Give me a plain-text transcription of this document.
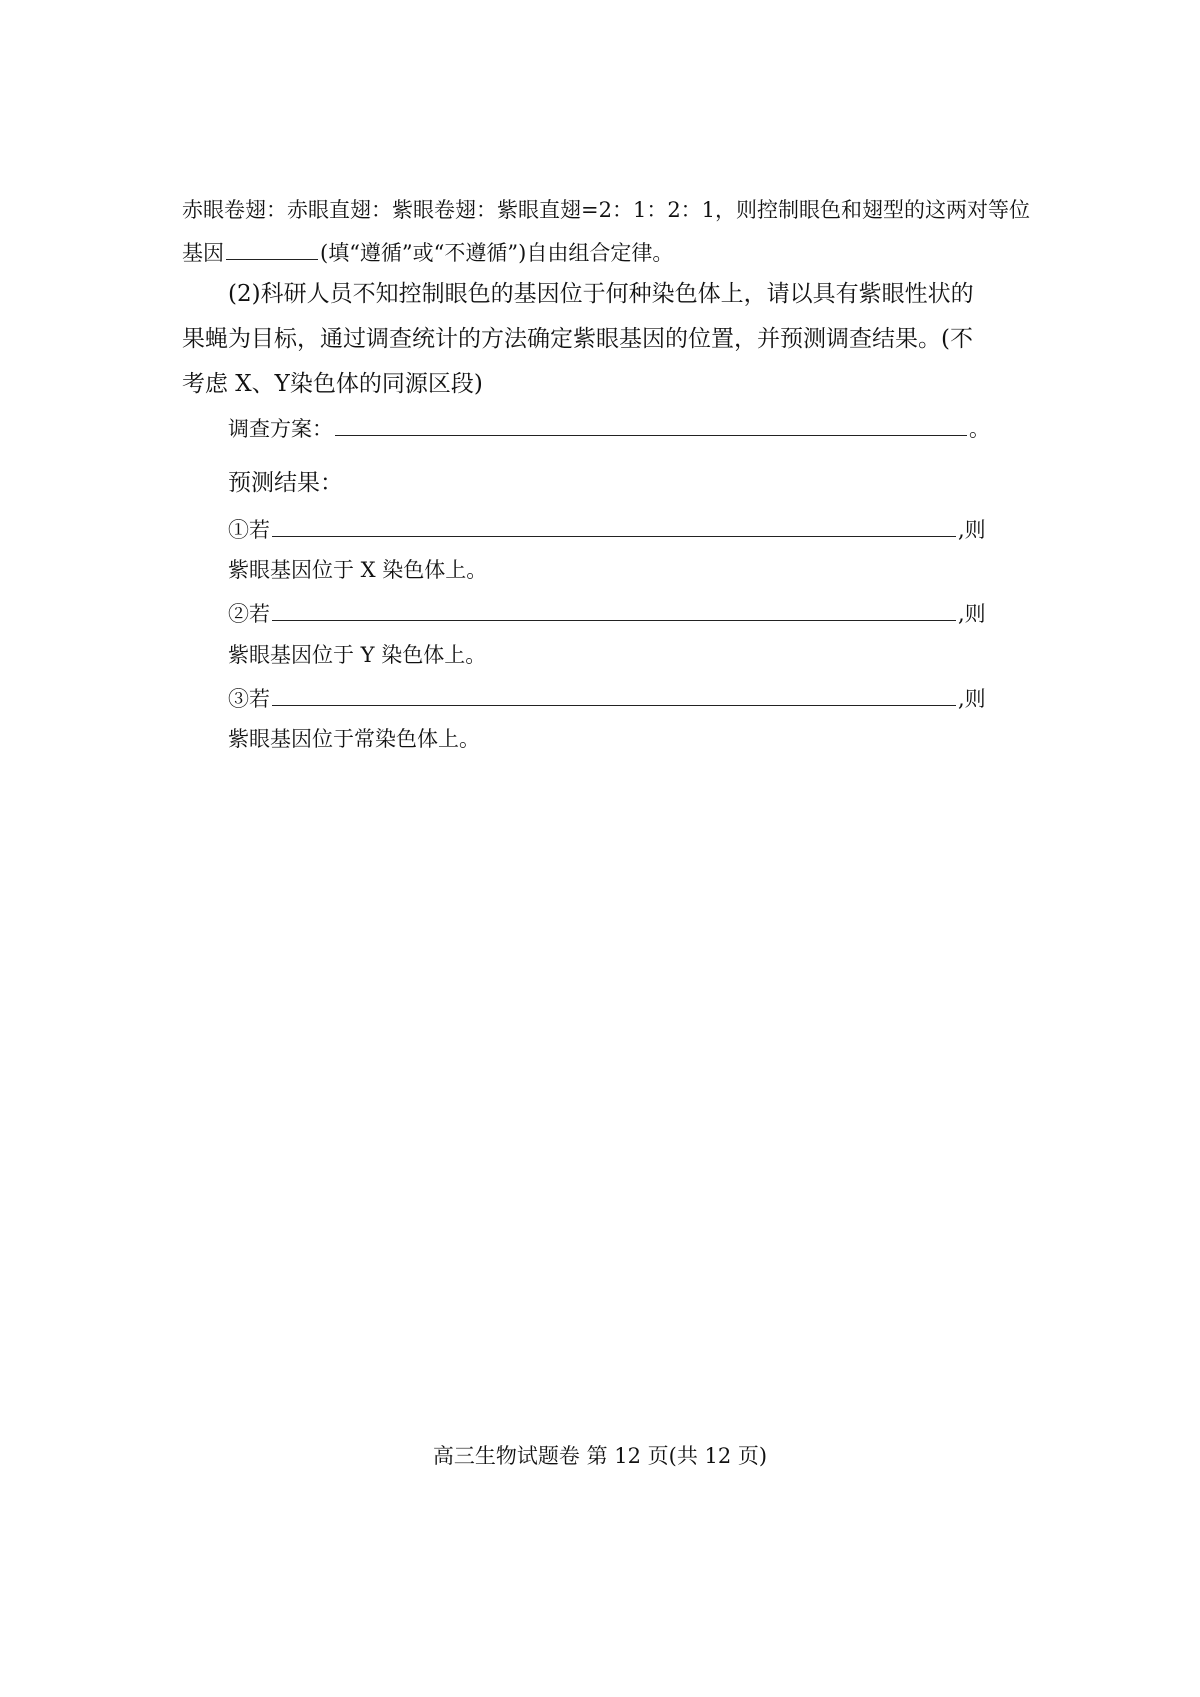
赤眼卷翅：赤眼直翅：紫眼卷翅：紫眼直翅=2：1：2：1，则控制眼色和翅型的这两对等位
基因	(填“遵循”或“不遵循”)自由组合定律。
(2)科研人员不知控制眼色的基因位于何种染色体上，请以具有紫眼性状的
果蝇为目标，通过调查统计的方法确定紫眼基因的位置，并预测调查结果。(不
考虑 X、Y染色体的同源区段)
调查方案：	。
预测结果：
①若	,则
紫眼基因位于 X 染色体上。
②若	,则
紫眼基因位于 Y 染色体上。
③若	,则
紫眼基因位于常染色体上。
高三生物试题卷 第 12 页(共 12 页)
